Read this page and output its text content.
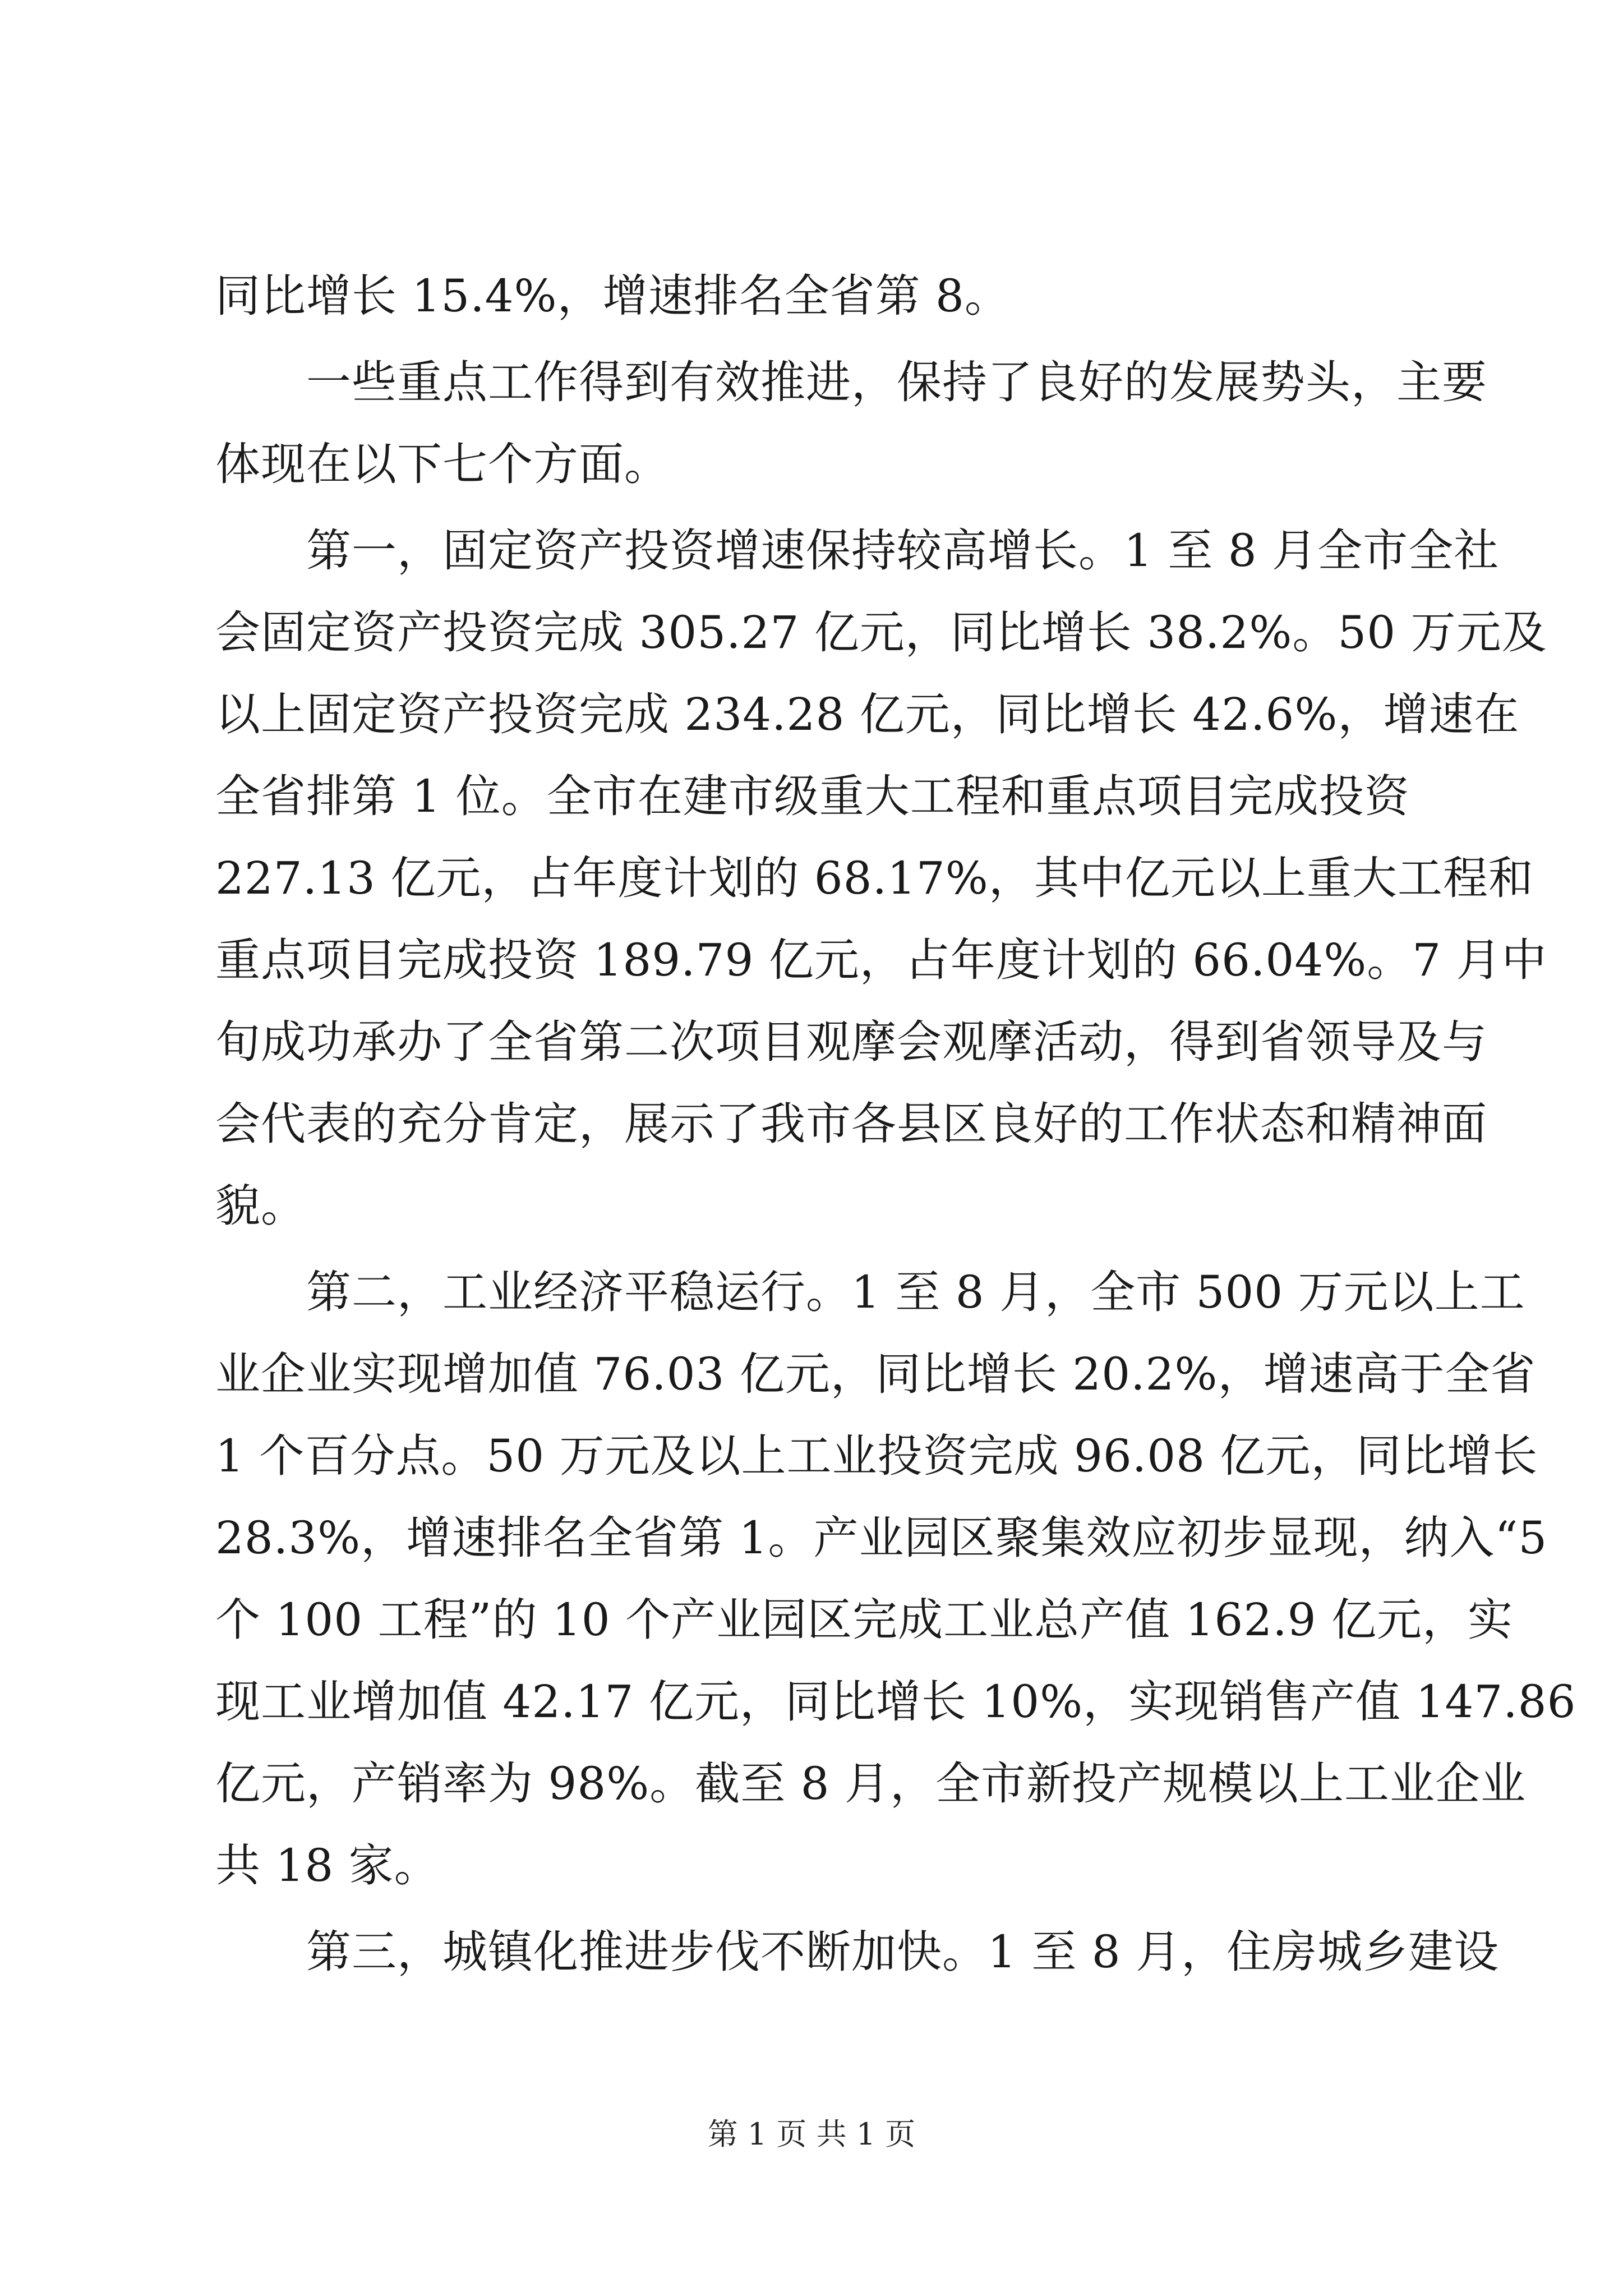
同比增长 15.4%，增速排名全省第 8。
　　一些重点工作得到有效推进，保持了良好的发展势头，主要
体现在以下七个方面。
　　第一，固定资产投资增速保持较高增长。1 至 8 月全市全社
会固定资产投资完成 305.27 亿元，同比增长 38.2%。50 万元及
以上固定资产投资完成 234.28 亿元，同比增长 42.6%，增速在
全省排第 1 位。全市在建市级重大工程和重点项目完成投资
227.13 亿元，占年度计划的 68.17%，其中亿元以上重大工程和
重点项目完成投资 189.79 亿元，占年度计划的 66.04%。7 月中
旬成功承办了全省第二次项目观摩会观摩活动，得到省领导及与
会代表的充分肯定，展示了我市各县区良好的工作状态和精神面
貌。
　　第二，工业经济平稳运行。1 至 8 月，全市 500 万元以上工
业企业实现增加值 76.03 亿元，同比增长 20.2%，增速高于全省
1 个百分点。50 万元及以上工业投资完成 96.08 亿元，同比增长
28.3%，增速排名全省第 1。产业园区聚集效应初步显现，纳入“5
个 100 工程”的 10 个产业园区完成工业总产值 162.9 亿元，实
现工业增加值 42.17 亿元，同比增长 10%，实现销售产值 147.86
亿元，产销率为 98%。截至 8 月，全市新投产规模以上工业企业
共 18 家。
　　第三，城镇化推进步伐不断加快。1 至 8 月，住房城乡建设
第 1 页 共 1 页
